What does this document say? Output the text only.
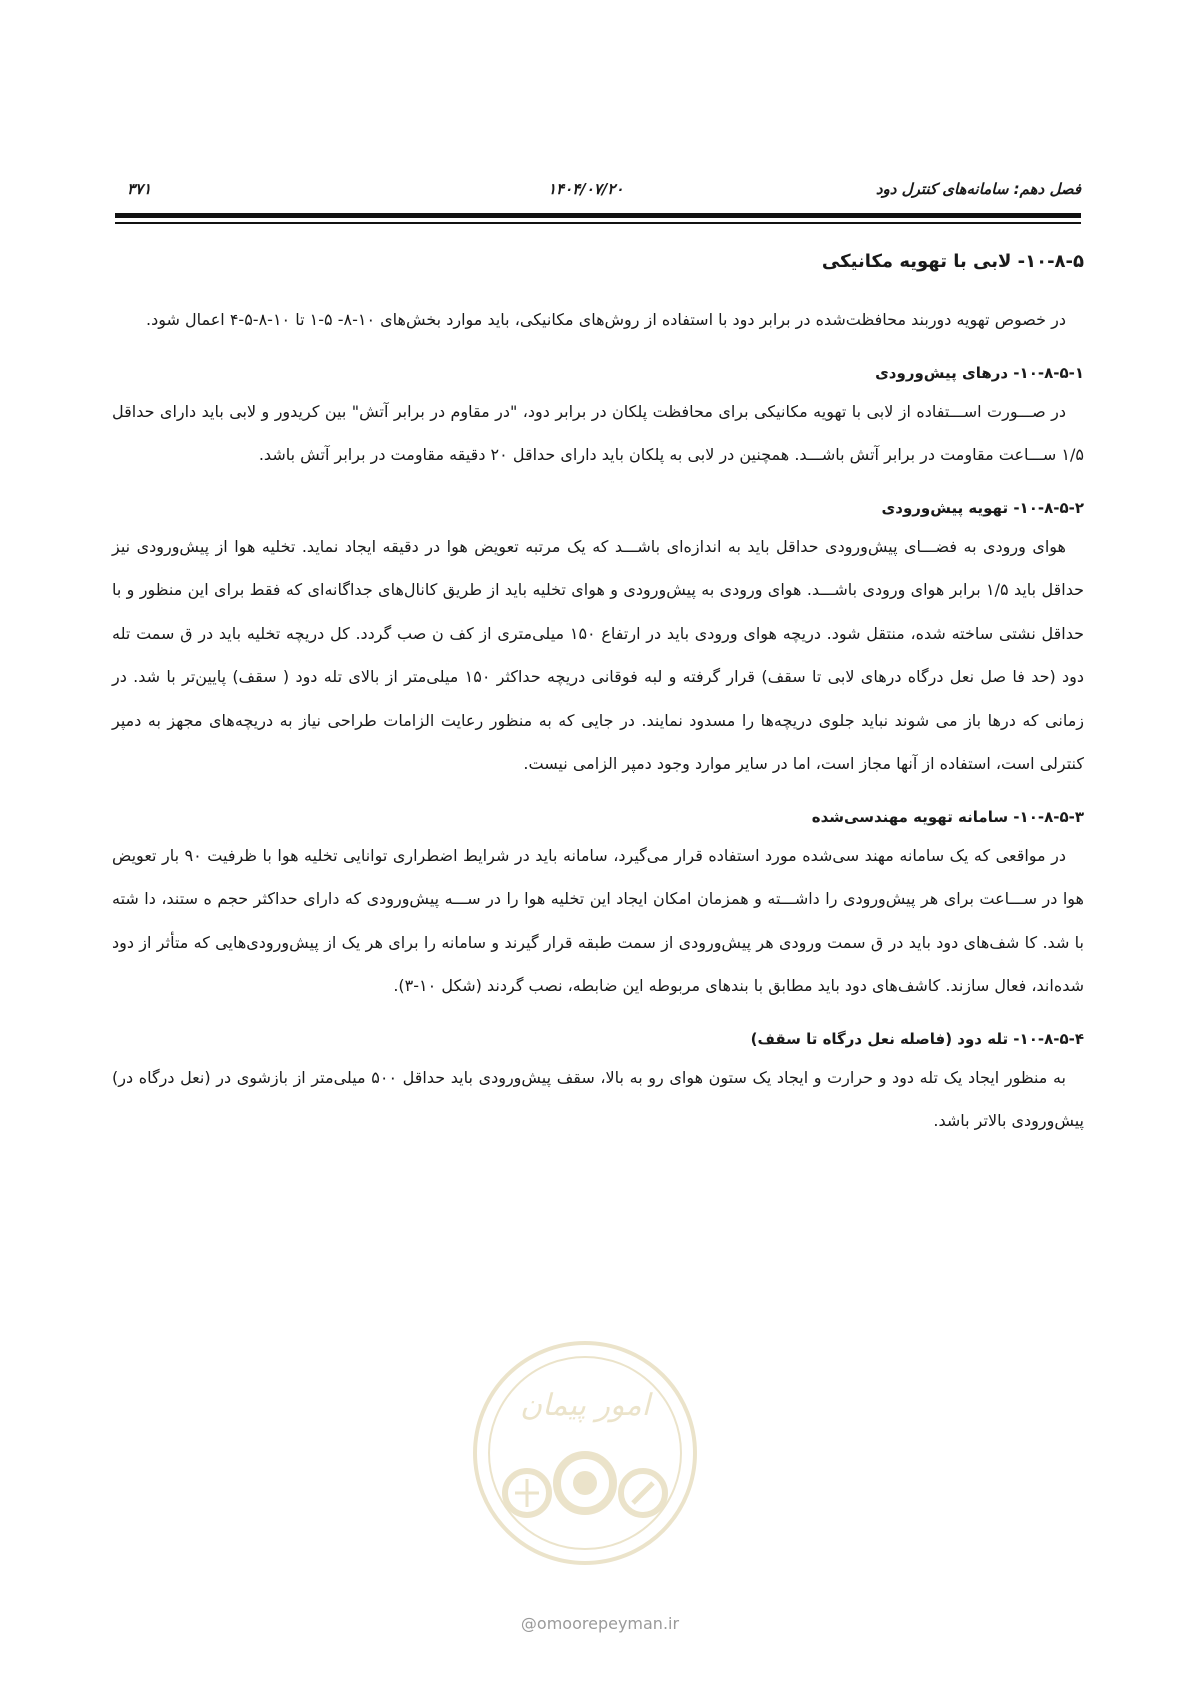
۳۷۱	۱۴۰۴/۰۷/۲۰	فصل دهم: سامانه‌های کنترل دود
۱۰-۸-۵- لابی با تهویه مکانیکی

در خصوص تهویه دوربند محافظت‌شده در برابر دود با استفاده از روش‌های مکانیکی، باید موارد بخش‌های ۱۰-۸- ۵-۱ تا ۱۰-۸-۵-۴ اعمال شود.

۱۰-۸-۵-۱- درهای پیش‌ورودی

در صـــورت اســـتفاده از لابی با تهویه مکانیکی برای محافظت پلکان در برابر دود، "در مقاوم در برابر آتش" بین کریدور و لابی باید دارای حداقل ۱/۵ ســـاعت مقاومت در برابر آتش باشـــد. همچنین در لابی به پلکان باید دارای حداقل ۲۰ دقیقه مقاومت در برابر آتش باشد.

۱۰-۸-۵-۲- تهویه پیش‌ورودی

هوای ورودی به فضـــای پیش‌ورودی حداقل باید به اندازه‌ای باشـــد که یک مرتبه تعویض هوا در دقیقه ایجاد نماید. تخلیه هوا از پیش‌ورودی نیز حداقل باید ۱/۵ برابر هوای ورودی باشـــد. هوای ورودی به پیش‌ورودی و هوای تخلیه باید از طریق کانال‌های جداگانه‌ای که فقط برای این منظور و با حداقل نشتی ساخته شده، منتقل شود. دریچه هوای ورودی باید در ارتفاع ۱۵۰ میلی‌متری از کف ن صب گردد. کل دریچه تخلیه باید در ق سمت تله دود (حد فا صل نعل درگاه درهای لابی تا سقف) قرار گرفته و لبه فوقانی دریچه حداکثر ۱۵۰ میلی‌متر از بالای تله دود ( سقف) پایین‌تر با شد. در زمانی که درها باز می شوند نباید جلوی دریچه‌ها را مسدود نمایند. در جایی که به منظور رعایت الزامات طراحی نیاز به دریچه‌های مجهز به دمپر کنترلی است، استفاده از آنها مجاز است، اما در سایر موارد وجود دمپر الزامی نیست.

۱۰-۸-۵-۳- سامانه تهویه مهندسی‌شده

در مواقعی که یک سامانه مهند سی‌شده مورد استفاده قرار می‌گیرد، سامانه باید در شرایط اضطراری توانایی تخلیه هوا با ظرفیت ۹۰ بار تعویض هوا در ســـاعت برای هر پیش‌ورودی را داشـــته و همزمان امکان ایجاد این تخلیه هوا را در ســـه پیش‌ورودی که دارای حداکثر حجم ه ستند، دا شته با شد. کا شف‌های دود باید در ق سمت ورودی هر پیش‌ورودی از سمت طبقه قرار گیرند و سامانه را برای هر یک از پیش‌ورودی‌هایی که متأثر از دود شده‌اند، فعال سازند. کاشف‌های دود باید مطابق با بندهای مربوطه این ضابطه، نصب گردند (شکل ۱۰-۳).

۱۰-۸-۵-۴- تله دود (فاصله نعل درگاه تا سقف)

به منظور ایجاد یک تله دود و حرارت و ایجاد یک ستون هوای رو به بالا، سقف پیش‌ورودی باید حداقل ۵۰۰ میلی‌متر از بازشوی در (نعل درگاه در) پیش‌ورودی بالاتر باشد.

امور پیمان
@omoorepeyman.ir
